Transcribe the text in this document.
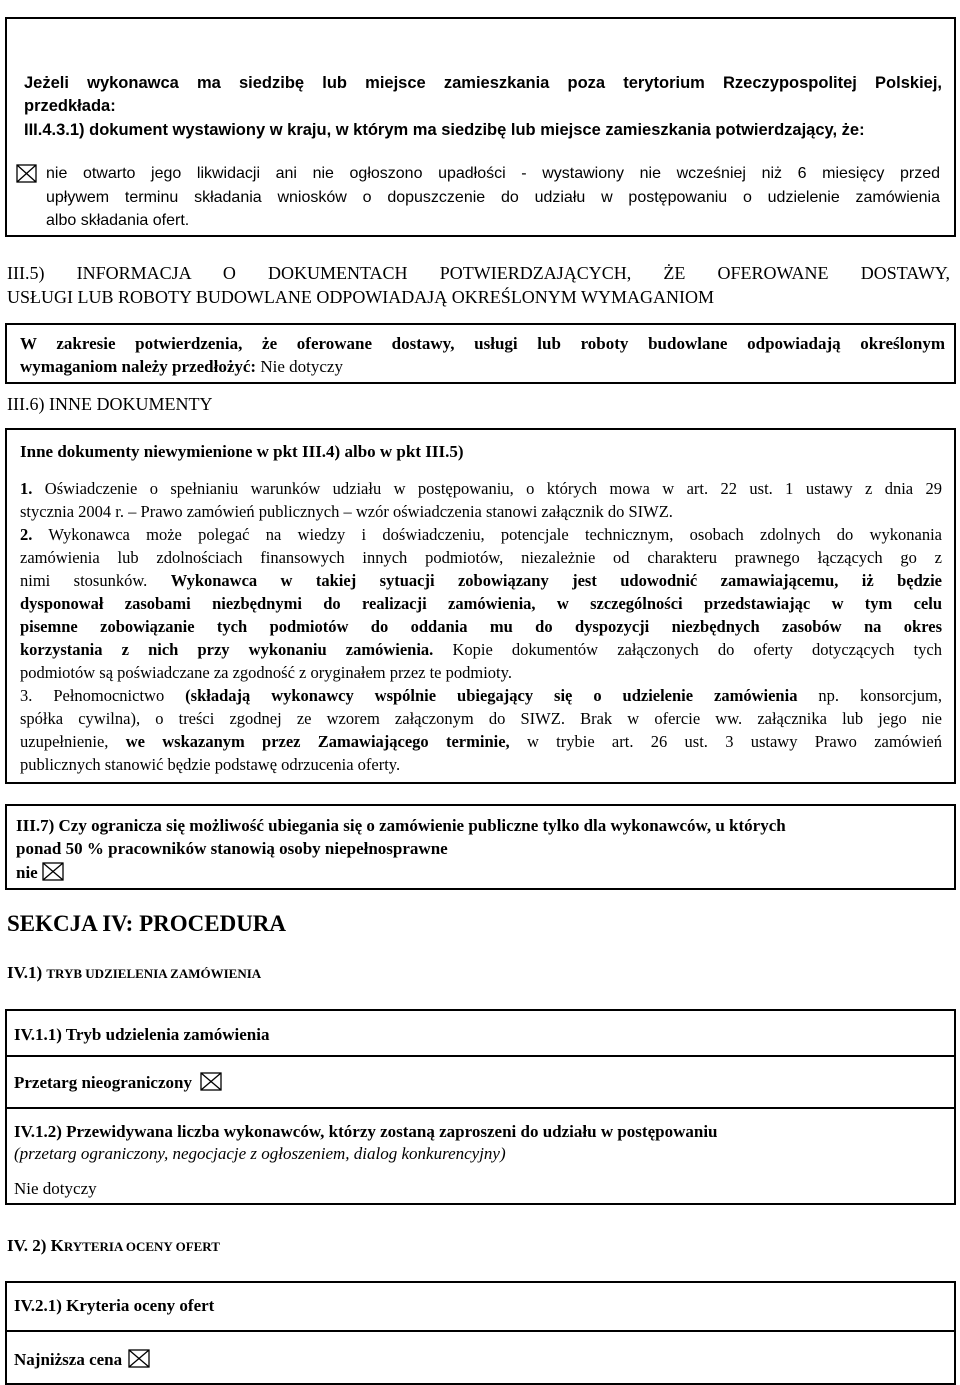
Jeżeli wykonawca ma siedzibę lub miejsce zamieszkania poza terytorium Rzeczypospolitej Polskiej,
przedkłada:
III.4.3.1) dokument wystawiony w kraju, w którym ma siedzibę lub miejsce zamieszkania potwierdzający, że:
nie otwarto jego likwidacji ani nie ogłoszono upadłości - wystawiony nie wcześniej niż 6 miesięcy przed
upływem terminu składania wniosków o dopuszczenie do udziału w postępowaniu o udzielenie zamówienia
albo składania ofert.
III.5) INFORMACJA O DOKUMENTACH POTWIERDZAJĄCYCH, ŻE OFEROWANE DOSTAWY,
USŁUGI LUB ROBOTY BUDOWLANE ODPOWIADAJĄ OKREŚLONYM WYMAGANIOM
W zakresie potwierdzenia, że oferowane dostawy, usługi lub roboty budowlane odpowiadają określonym
wymaganiom należy przedłożyć: Nie dotyczy
III.6) INNE DOKUMENTY
Inne dokumenty niewymienione w pkt III.4) albo w pkt III.5)
1. Oświadczenie o spełnianiu warunków udziału w postępowaniu, o których mowa w art. 22 ust. 1 ustawy z dnia 29
stycznia 2004 r. – Prawo zamówień publicznych – wzór oświadczenia stanowi załącznik do SIWZ.
2. Wykonawca może polegać na wiedzy i doświadczeniu, potencjale technicznym, osobach zdolnych do wykonania
zamówienia lub zdolnościach finansowych innych podmiotów, niezależnie od charakteru prawnego łączących go z
nimi stosunków. Wykonawca w takiej sytuacji zobowiązany jest udowodnić zamawiającemu, iż będzie
dysponował zasobami niezbędnymi do realizacji zamówienia, w szczególności przedstawiając w tym celu
pisemne zobowiązanie tych podmiotów do oddania mu do dyspozycji niezbędnych zasobów na okres
korzystania z nich przy wykonaniu zamówienia. Kopie dokumentów załączonych do oferty dotyczących tych
podmiotów są poświadczane za zgodność z oryginałem przez te podmioty.
3. Pełnomocnictwo (składają wykonawcy wspólnie ubiegający się o udzielenie zamówienia np. konsorcjum,
spółka cywilna), o treści zgodnej ze wzorem załączonym do SIWZ. Brak w ofercie ww. załącznika lub jego nie
uzupełnienie, we wskazanym przez Zamawiającego terminie, w trybie art. 26 ust. 3 ustawy Prawo zamówień
publicznych stanowić będzie podstawę odrzucenia oferty.
III.7) Czy ogranicza się możliwość ubiegania się o zamówienie publiczne tylko dla wykonawców, u których
ponad 50 % pracowników stanowią osoby niepełnosprawne
nie
SEKCJA IV: PROCEDURA
IV.1) TRYB UDZIELENIA ZAMÓWIENIA
IV.1.1) Tryb udzielenia zamówienia
Przetarg nieograniczony
IV.1.2) Przewidywana liczba wykonawców, którzy zostaną zaproszeni do udziału w postępowaniu
(przetarg ograniczony, negocjacje z ogłoszeniem, dialog konkurencyjny)
Nie dotyczy
IV. 2) KRYTERIA OCENY OFERT
IV.2.1) Kryteria oceny ofert
Najniższa cena
